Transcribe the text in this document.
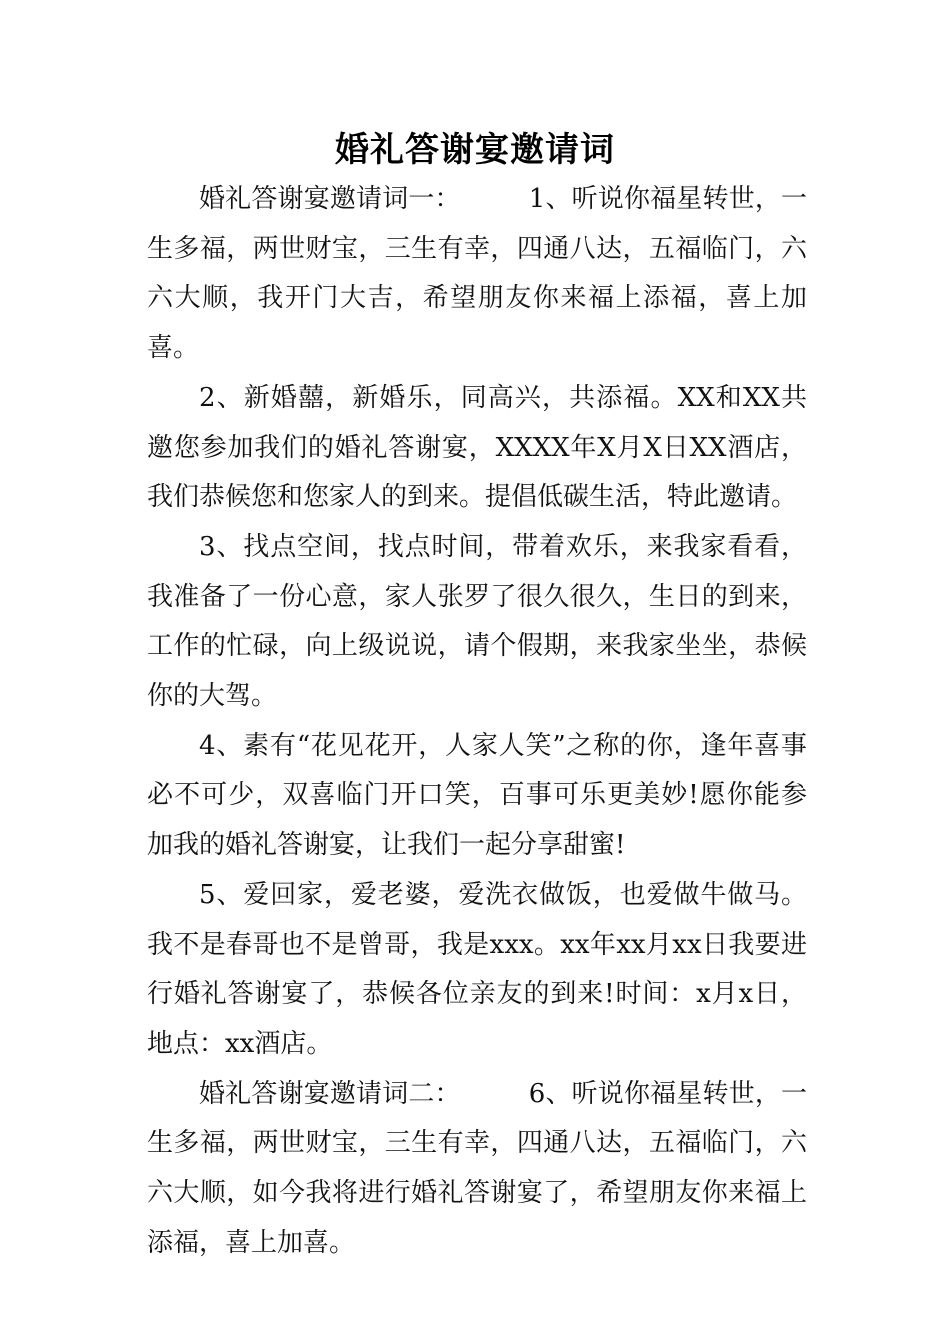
婚礼答谢宴邀请词

婚礼答谢宴邀请词一：	1、听说你福星转世，一生多福，两世财宝，三生有幸，四通八达，五福临门，六六大顺，我开门大吉，希望朋友你来福上添福，喜上加喜。

2、新婚囍，新婚乐，同高兴，共添福。XX和XX共邀您参加我们的婚礼答谢宴，XXXX年X月X日XX酒店，我们恭候您和您家人的到来。提倡低碳生活，特此邀请。

3、找点空间，找点时间，带着欢乐，来我家看看，我准备了一份心意，家人张罗了很久很久，生日的到来，工作的忙碌，向上级说说，请个假期，来我家坐坐，恭候你的大驾。

4、素有“花见花开，人家人笑”之称的你，逢年喜事必不可少，双喜临门开口笑，百事可乐更美妙!愿你能参加我的婚礼答谢宴，让我们一起分享甜蜜!

5、爱回家，爱老婆，爱洗衣做饭，也爱做牛做马。我不是春哥也不是曾哥，我是xxx。xx年xx月xx日我要进行婚礼答谢宴了，恭候各位亲友的到来!时间：x月x日，地点：xx酒店。

婚礼答谢宴邀请词二：	6、听说你福星转世，一生多福，两世财宝，三生有幸，四通八达，五福临门，六六大顺，如今我将进行婚礼答谢宴了，希望朋友你来福上添福，喜上加喜。
